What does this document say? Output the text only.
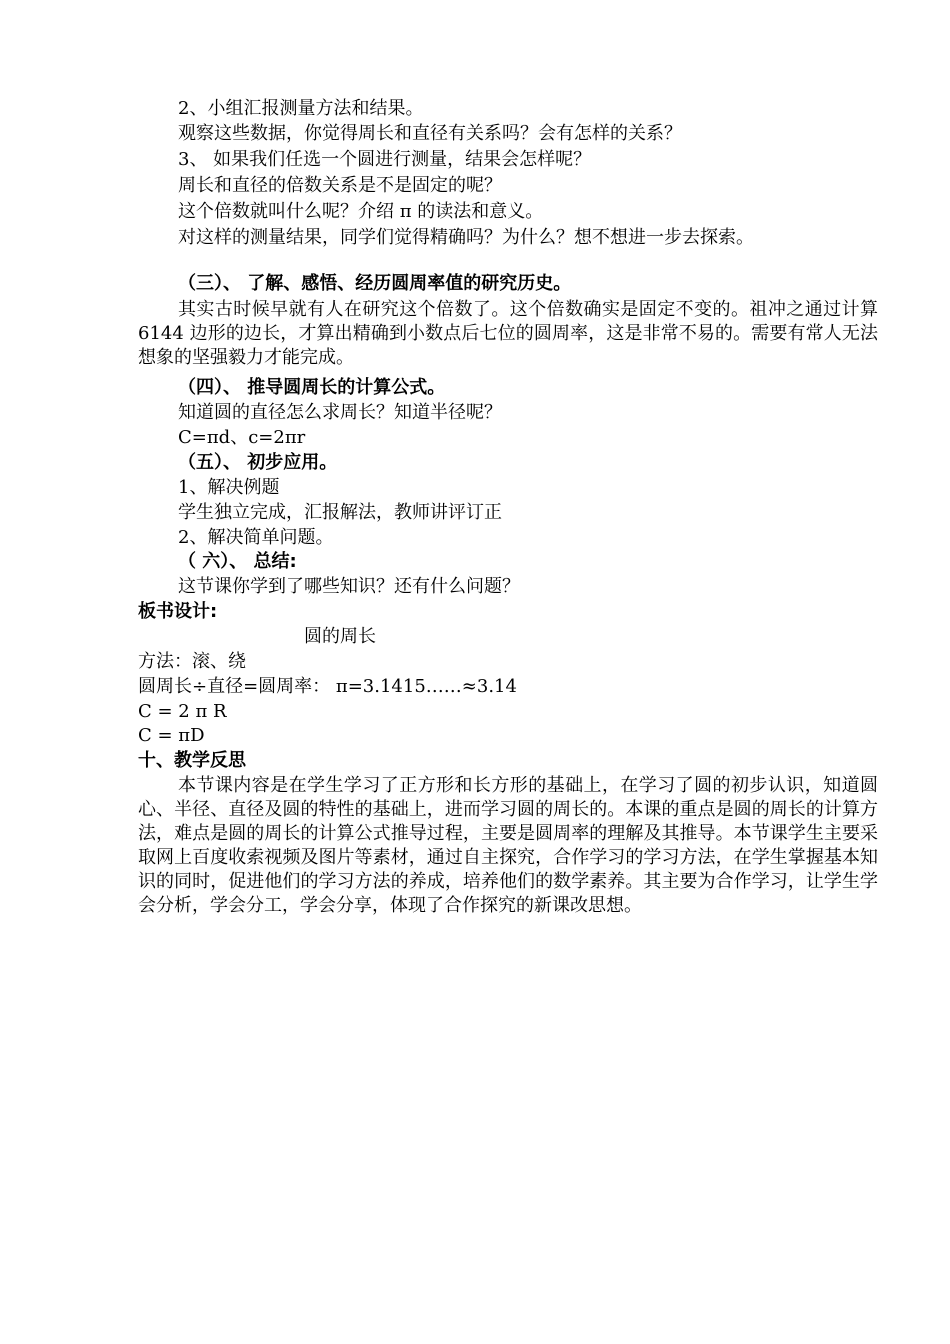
2、小组汇报测量方法和结果。
观察这些数据，你觉得周长和直径有关系吗？会有怎样的关系？
3、 如果我们任选一个圆进行测量，结果会怎样呢？
周长和直径的倍数关系是不是固定的呢？
这个倍数就叫什么呢？介绍 π 的读法和意义。

对这样的测量结果，同学们觉得精确吗？为什么？想不想进一步去探索。

（三）、 了解、感悟、经历圆周率值的研究历史。

其实古时候早就有人在研究这个倍数了。这个倍数确实是固定不变的。祖冲之通过计算 6144 边形的边长，才算出精确到小数点后七位的圆周率，这是非常不易的。需要有常人无法想象的坚强毅力才能完成。

（四）、 推导圆周长的计算公式。
知道圆的直径怎么求周长？知道半径呢？
C=πd、c=2πr
（五）、 初步应用。
1、解决例题
学生独立完成，汇报解法，教师讲评订正
2、解决简单问题。
（ 六）、 总结:
这节课你学到了哪些知识？还有什么问题？
板书设计:
圆的周长
方法：滚、绕
圆周长÷直径=圆周率： π=3.1415……≈3.14
C = 2 π R
C = πD
十、教学反思

本节课内容是在学生学习了正方形和长方形的基础上，在学习了圆的初步认识，知道圆心、半径、直径及圆的特性的基础上，进而学习圆的周长的。本课的重点是圆的周长的计算方法，难点是圆的周长的计算公式推导过程，主要是圆周率的理解及其推导。本节课学生主要采取网上百度收索视频及图片等素材，通过自主探究，合作学习的学习方法，在学生掌握基本知识的同时，促进他们的学习方法的养成，培养他们的数学素养。其主要为合作学习，让学生学会分析，学会分工，学会分享，体现了合作探究的新课改思想。
